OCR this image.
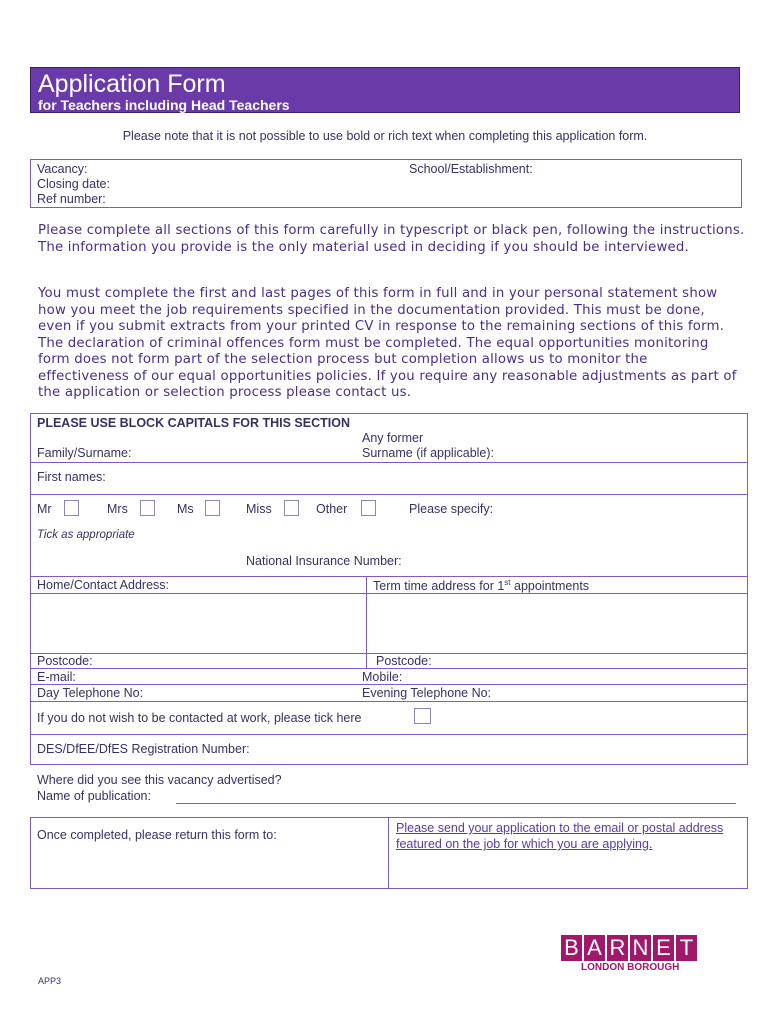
Application Form
for Teachers including Head Teachers
Please note that it is not possible to use bold or rich text when completing this application form.
Vacancy:
Closing date:
Ref number:
School/Establishment:
Please complete all sections of this form carefully in typescript or black pen, following the instructions. The information you provide is the only material used in deciding if you should be interviewed.
You must complete the first and last pages of this form in full and in your personal statement show how you meet the job requirements specified in the documentation provided. This must be done, even if you submit extracts from your printed CV in response to the remaining sections of this form. The declaration of criminal offences form must be completed. The equal opportunities monitoring form does not form part of the selection process but completion allows us to monitor the effectiveness of our equal opportunities policies. If you require any reasonable adjustments as part of the application or selection process please contact us.
PLEASE USE BLOCK CAPITALS FOR THIS SECTION
Any former
Family/Surname:	Surname (if applicable):
First names:
Mr	Mrs	Ms	Miss	Other	Please specify:
Tick as appropriate
National Insurance Number:
Home/Contact Address:	Term time address for 1st appointments
Postcode:	Postcode:
E-mail:	Mobile:
Day Telephone No:	Evening Telephone No:
If you do not wish to be contacted at work, please tick here
DES/DfEE/DfES Registration Number:
Where did you see this vacancy advertised?
Name of publication:
Once completed, please return this form to:	Please send your application to the email or postal address featured on the job for which you are applying.
B A R N E T
LONDON BOROUGH
APP3
